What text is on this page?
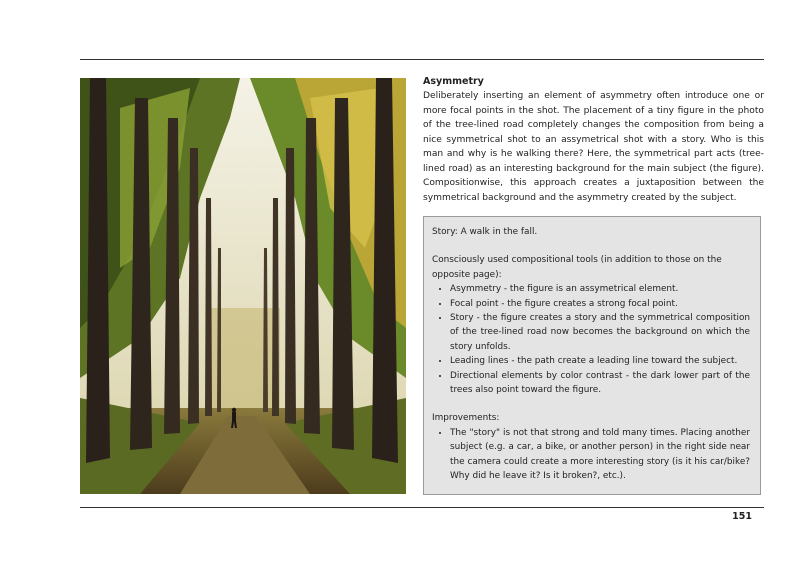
Asymmetry

Deliberately inserting an element of asymmetry often introduce one or more focal points in the shot. The placement of a tiny figure in the photo of the tree-lined road completely changes the composition from being a nice symmetrical shot to an assymetrical shot with a story. Who is this man and why is he walking there? Here, the symmetrical part acts (tree-lined road) as an interesting background for the main subject (the figure). Compositionwise, this approach creates a juxtaposition between the symmetrical background and the asymmetry created by the subject.

Story: A walk in the fall.

Consciously used compositional tools (in addition to those on the opposite page):

• Asymmetry - the figure is an assymetrical element.
• Focal point - the figure creates a strong focal point.
• Story - the figure creates a story and the symmetrical composition of the tree-lined road now becomes the background on which the story unfolds.
• Leading lines - the path create a leading line toward the subject.
• Directional elements by color contrast - the dark lower part of the trees also point toward the figure.

Improvements:

• The "story" is not that strong and told many times. Placing another subject (e.g. a car, a bike, or another person) in the right side near the camera could create a more interesting story (is it his car/bike? Why did he leave it? Is it broken?, etc.).
151
